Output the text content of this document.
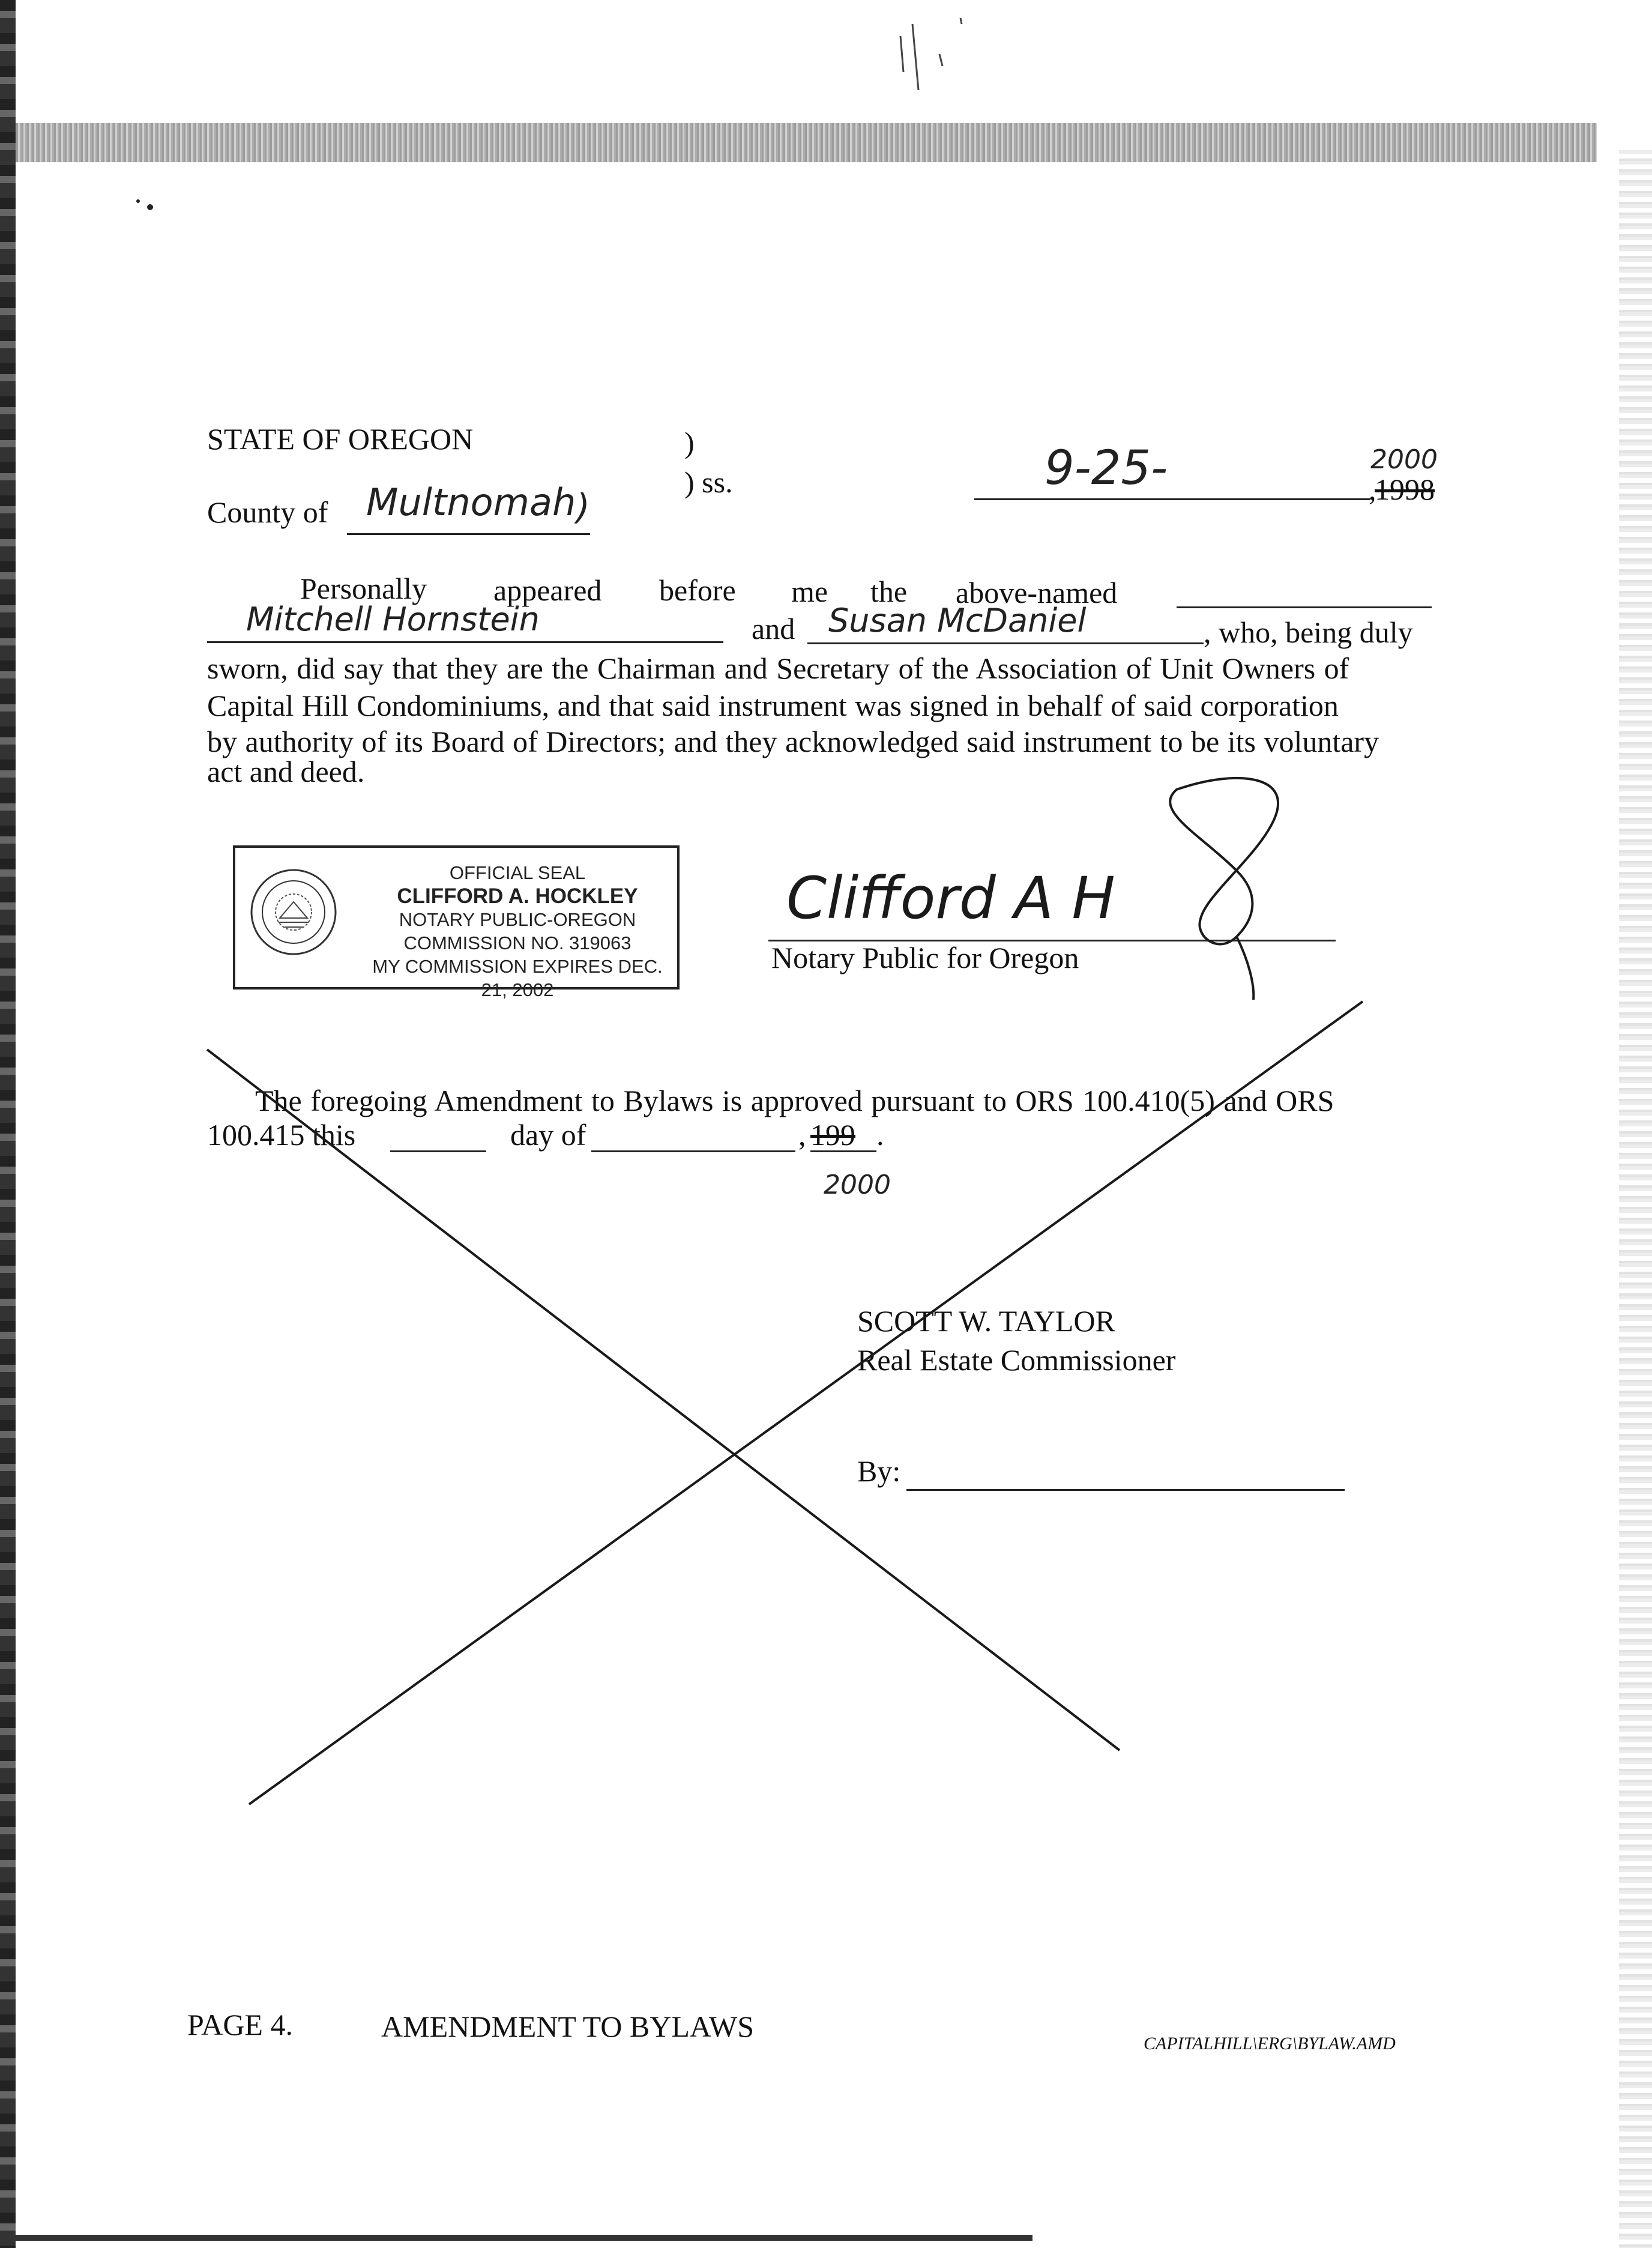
STATE OF OREGON	)
) ss.
County of Multnomah )
9-25-	,
2000
1998
Personally appeared before me the above-named
Mitchell Hornstein	and Susan McDaniel	, who, being duly
sworn, did say that they are the Chairman and Secretary of the Association of Unit Owners of
Capital Hill Condominiums, and that said instrument was signed in behalf of said corporation
by authority of its Board of Directors; and they acknowledged said instrument to be its voluntary
act and deed.
OFFICIAL SEAL
CLIFFORD A. HOCKLEY
NOTARY PUBLIC-OREGON
COMMISSION NO. 319063
MY COMMISSION EXPIRES DEC. 21, 2002
Clifford A H
Notary Public for Oregon
The foregoing Amendment to Bylaws is approved pursuant to ORS 100.410(5) and ORS
100.415 this	day of	, 199 .
2000
SCOTT W. TAYLOR
Real Estate Commissioner
By:
PAGE 4.	AMENDMENT TO BYLAWS
CAPITALHILL\ERG\BYLAW.AMD
